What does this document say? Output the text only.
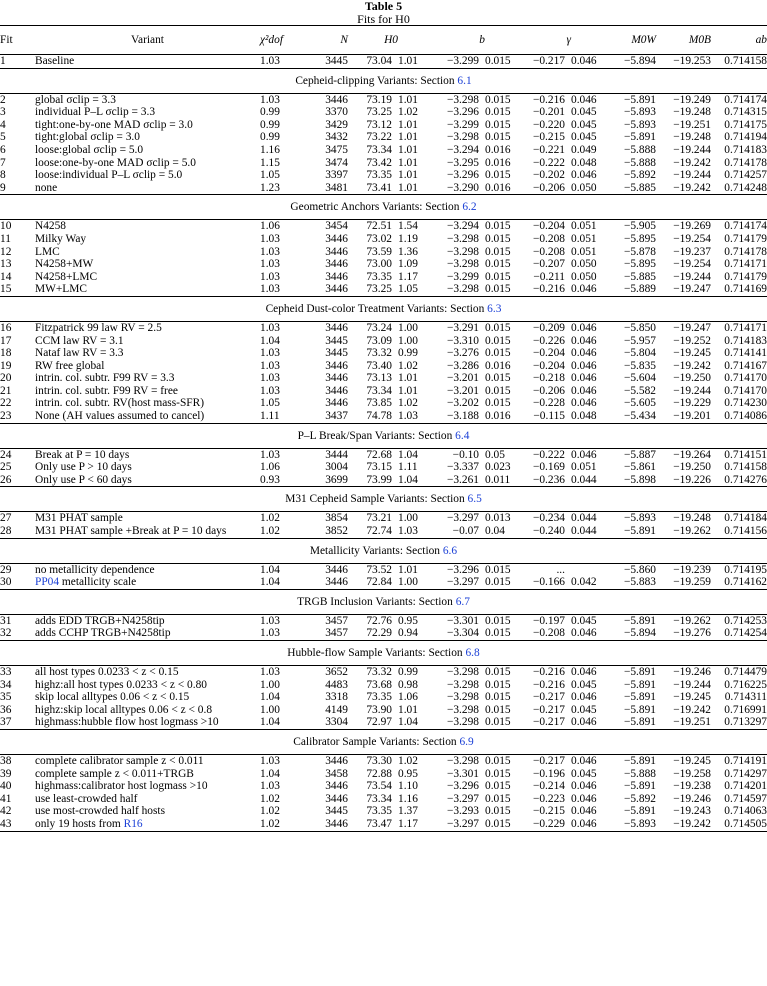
Table 5
Fits for H0
Fit	Variant	χ²dof	N	H0		b		γ		M0W	M0B	ab
1	Baseline	1.03	3445	73.04	1.01	−3.299	0.015	−0.217	0.046	−5.894	−19.253	0.714158
Cepheid-clipping Variants: Section 6.1												
2	global σclip = 3.3	1.03	3446	73.19	1.01	−3.298	0.015	−0.216	0.046	−5.891	−19.249	0.714174
3	individual P–L σclip = 3.3	0.99	3370	73.25	1.02	−3.296	0.015	−0.201	0.045	−5.893	−19.248	0.714315
4	tight:one-by-one MAD σclip = 3.0	0.99	3429	73.12	1.01	−3.299	0.015	−0.220	0.045	−5.893	−19.251	0.714175
5	tight:global σclip = 3.0	0.99	3432	73.22	1.01	−3.298	0.015	−0.215	0.045	−5.891	−19.248	0.714194
6	loose:global σclip = 5.0	1.16	3475	73.34	1.01	−3.294	0.016	−0.221	0.049	−5.888	−19.244	0.714183
7	loose:one-by-one MAD σclip = 5.0	1.15	3474	73.42	1.01	−3.295	0.016	−0.222	0.048	−5.888	−19.242	0.714178
8	loose:individual P–L σclip = 5.0	1.05	3397	73.35	1.01	−3.296	0.015	−0.202	0.046	−5.892	−19.244	0.714257
9	none	1.23	3481	73.41	1.01	−3.290	0.016	−0.206	0.050	−5.885	−19.242	0.714248
Geometric Anchors Variants: Section 6.2												
10	N4258	1.06	3454	72.51	1.54	−3.294	0.015	−0.204	0.051	−5.905	−19.269	0.714174
11	Milky Way	1.03	3446	73.02	1.19	−3.298	0.015	−0.208	0.051	−5.895	−19.254	0.714179
12	LMC	1.03	3446	73.59	1.36	−3.298	0.015	−0.208	0.051	−5.878	−19.237	0.714178
13	N4258+MW	1.03	3446	73.00	1.09	−3.298	0.015	−0.207	0.050	−5.895	−19.254	0.714171
14	N4258+LMC	1.03	3446	73.35	1.17	−3.299	0.015	−0.211	0.050	−5.885	−19.244	0.714179
15	MW+LMC	1.03	3446	73.25	1.05	−3.298	0.015	−0.216	0.046	−5.889	−19.247	0.714169
Cepheid Dust-color Treatment Variants: Section 6.3												
16	Fitzpatrick 99 law RV = 2.5	1.03	3446	73.24	1.00	−3.291	0.015	−0.209	0.046	−5.850	−19.247	0.714171
17	CCM law RV = 3.1	1.04	3445	73.09	1.00	−3.310	0.015	−0.226	0.046	−5.957	−19.252	0.714183
18	Nataf law RV = 3.3	1.03	3445	73.32	0.99	−3.276	0.015	−0.204	0.046	−5.804	−19.245	0.714141
19	RW free global	1.03	3446	73.40	1.02	−3.286	0.016	−0.204	0.046	−5.835	−19.242	0.714167
20	intrin. col. subtr. F99 RV = 3.3	1.03	3446	73.13	1.01	−3.201	0.015	−0.218	0.046	−5.604	−19.250	0.714170
21	intrin. col. subtr. F99 RV = free	1.03	3446	73.34	1.01	−3.201	0.015	−0.206	0.046	−5.582	−19.244	0.714170
22	intrin. col. subtr. RV(host mass-SFR)	1.05	3446	73.85	1.02	−3.202	0.015	−0.228	0.046	−5.605	−19.229	0.714230
23	None (AH values assumed to cancel)	1.11	3437	74.78	1.03	−3.188	0.016	−0.115	0.048	−5.434	−19.201	0.714086
P–L Break/Span Variants: Section 6.4												
24	Break at P = 10 days	1.03	3444	72.68	1.04	−0.10	0.05	−0.222	0.046	−5.887	−19.264	0.714151
25	Only use P > 10 days	1.06	3004	73.15	1.11	−3.337	0.023	−0.169	0.051	−5.861	−19.250	0.714158
26	Only use P < 60 days	0.93	3699	73.99	1.04	−3.261	0.011	−0.236	0.044	−5.898	−19.226	0.714276
M31 Cepheid Sample Variants: Section 6.5												
27	M31 PHAT sample	1.02	3854	73.21	1.00	−3.297	0.013	−0.234	0.044	−5.893	−19.248	0.714184
28	M31 PHAT sample +Break at P = 10 days	1.02	3852	72.74	1.03	−0.07	0.04	−0.240	0.044	−5.891	−19.262	0.714156
Metallicity Variants: Section 6.6												
29	no metallicity dependence	1.04	3446	73.52	1.01	−3.296	0.015	...		−5.860	−19.239	0.714195
30	PP04 metallicity scale	1.04	3446	72.84	1.00	−3.297	0.015	−0.166	0.042	−5.883	−19.259	0.714162
TRGB Inclusion Variants: Section 6.7												
31	adds EDD TRGB+N4258tip	1.03	3457	72.76	0.95	−3.301	0.015	−0.197	0.045	−5.891	−19.262	0.714253
32	adds CCHP TRGB+N4258tip	1.03	3457	72.29	0.94	−3.304	0.015	−0.208	0.046	−5.894	−19.276	0.714254
Hubble-flow Sample Variants: Section 6.8												
33	all host types 0.0233 < z < 0.15	1.03	3652	73.32	0.99	−3.298	0.015	−0.216	0.046	−5.891	−19.246	0.714479
34	highz:all host types 0.0233 < z < 0.80	1.00	4483	73.68	0.98	−3.298	0.015	−0.216	0.045	−5.891	−19.244	0.716225
35	skip local alltypes 0.06 < z < 0.15	1.04	3318	73.35	1.06	−3.298	0.015	−0.217	0.046	−5.891	−19.245	0.714311
36	highz:skip local alltypes 0.06 < z < 0.8	1.00	4149	73.90	1.01	−3.298	0.015	−0.217	0.045	−5.891	−19.242	0.716991
37	highmass:hubble flow host logmass >10	1.04	3304	72.97	1.04	−3.298	0.015	−0.217	0.046	−5.891	−19.251	0.713297
Calibrator Sample Variants: Section 6.9												
38	complete calibrator sample z < 0.011	1.03	3446	73.30	1.02	−3.298	0.015	−0.217	0.046	−5.891	−19.245	0.714191
39	complete sample z < 0.011+TRGB	1.04	3458	72.88	0.95	−3.301	0.015	−0.196	0.045	−5.888	−19.258	0.714297
40	highmass:calibrator host logmass >10	1.03	3446	73.54	1.10	−3.296	0.015	−0.214	0.046	−5.891	−19.238	0.714201
41	use least-crowded half	1.02	3446	73.34	1.16	−3.297	0.015	−0.223	0.046	−5.892	−19.246	0.714597
42	use most-crowded half hosts	1.02	3445	73.35	1.37	−3.293	0.015	−0.215	0.046	−5.891	−19.243	0.714063
43	only 19 hosts from R16	1.02	3446	73.47	1.17	−3.297	0.015	−0.229	0.046	−5.893	−19.242	0.714505
